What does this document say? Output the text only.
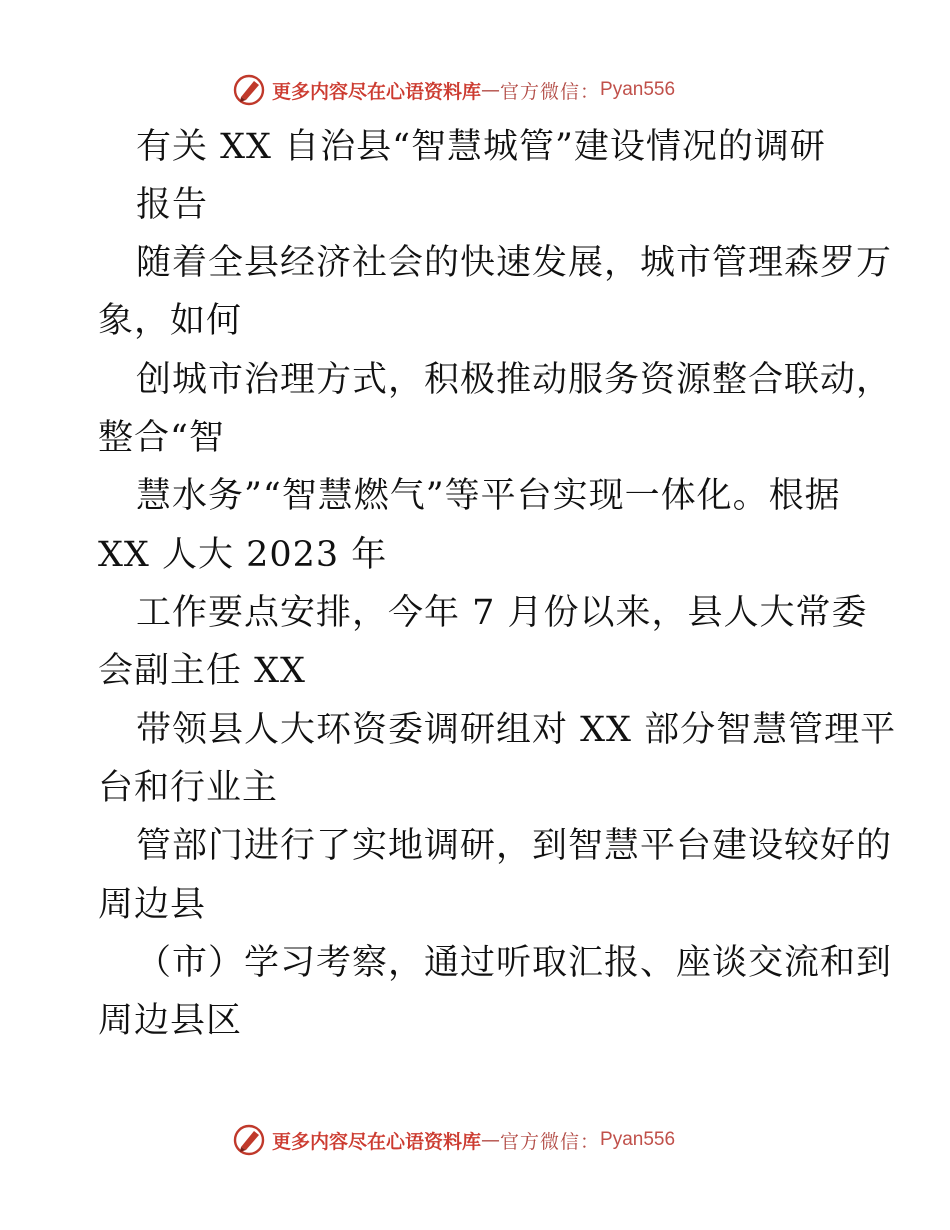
更多内容尽在心语资料库 — 官方微信： Pyan556
有关 XX 自治县“智慧城管”建设情况的调研
报告
随着全县经济社会的快速发展，城市管理森罗万
象，如何
创城市治理方式，积极推动服务资源整合联动，
整合“智
慧水务”“智慧燃气”等平台实现一体化。根据
XX 人大 2023 年
工作要点安排，今年 7 月份以来，县人大常委
会副主任 XX
带领县人大环资委调研组对 XX 部分智慧管理平
台和行业主
管部门进行了实地调研，到智慧平台建设较好的
周边县
（市）学习考察，通过听取汇报、座谈交流和到
周边县区
更多内容尽在心语资料库 — 官方微信： Pyan556
